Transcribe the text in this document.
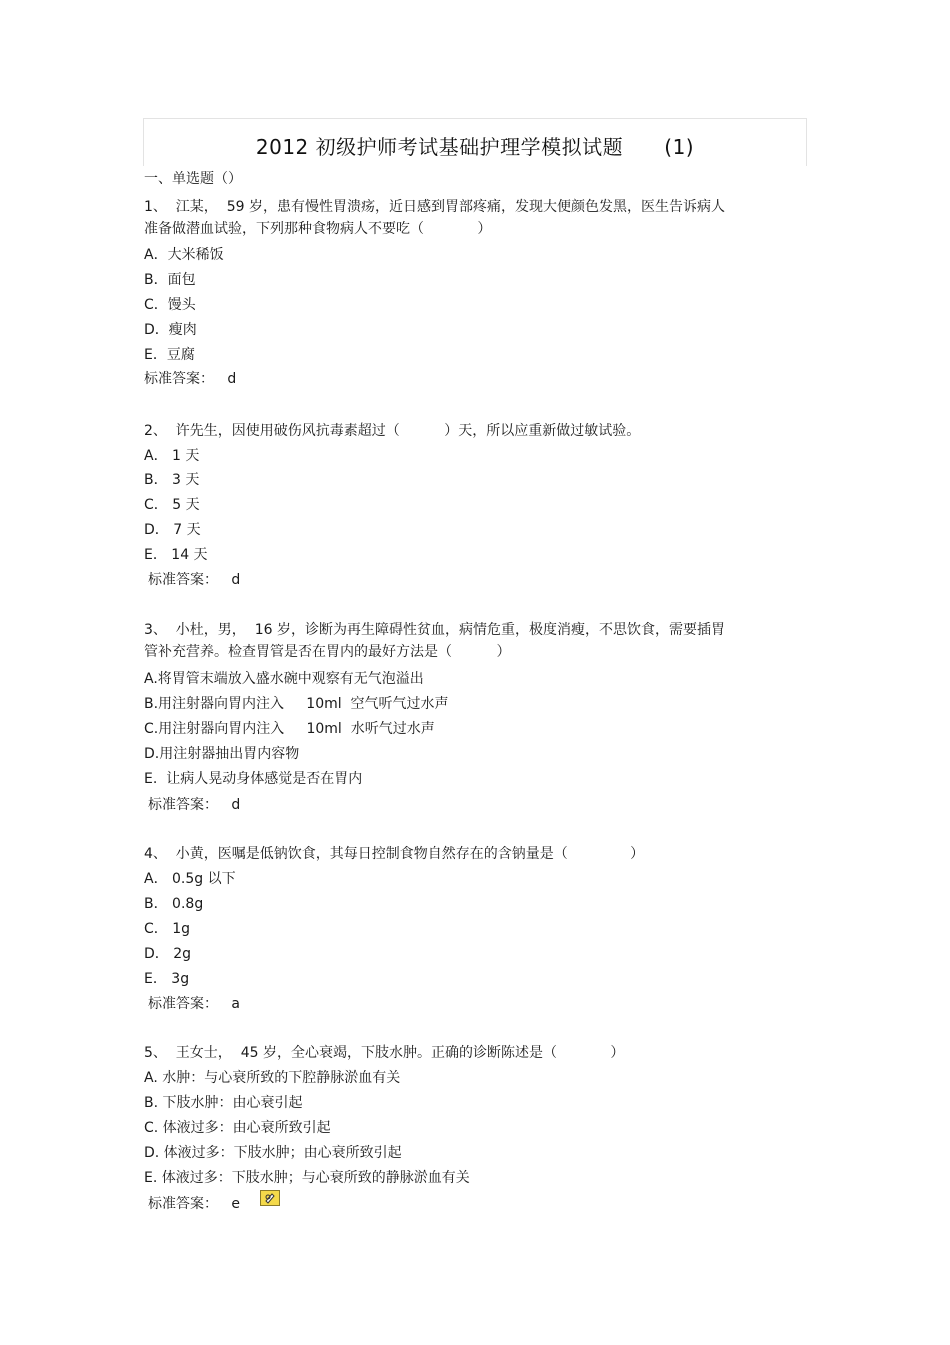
2012 初级护师考试基础护理学模拟试题      (1)
一、单选题（）
1、  江某，  59 岁，患有慢性胃溃疡，近日感到胃部疼痛，发现大便颜色发黑，医生告诉病人
准备做潜血试验，下列那种食物病人不要吃（            ）
A．大米稀饭
B．面包
C．馒头
D．瘦肉
E．豆腐
标准答案：   d
2、  许先生，因使用破伤风抗毒素超过（          ）天，所以应重新做过敏试验。
A． 1 天
B． 3 天
C． 5 天
D． 7 天
E． 14 天
标准答案：   d
3、  小杜，男，  16 岁，诊断为再生障碍性贫血，病情危重，极度消瘦，不思饮食，需要插胃
管补充营养。检查胃管是否在胃内的最好方法是（          ）
A.将胃管末端放入盛水碗中观察有无气泡溢出
B.用注射器向胃内注入     10ml  空气听气过水声
C.用注射器向胃内注入     10ml  水听气过水声
D.用注射器抽出胃内容物
E.  让病人晃动身体感觉是否在胃内
标准答案：   d
4、  小黄，医嘱是低钠饮食，其每日控制食物自然存在的含钠量是（              ）
A． 0.5g 以下
B． 0.8g
C． 1g
D． 2g
E． 3g
标准答案：   a
5、  王女士，  45 岁，全心衰竭，下肢水肿。正确的诊断陈述是（            ）
A. 水肿：与心衰所致的下腔静脉淤血有关
B. 下肢水肿：由心衰引起
C. 体液过多：由心衰所致引起
D. 体液过多：下肢水肿；由心衰所致引起
E. 体液过多：下肢水肿；与心衰所致的静脉淤血有关
标准答案：   e
